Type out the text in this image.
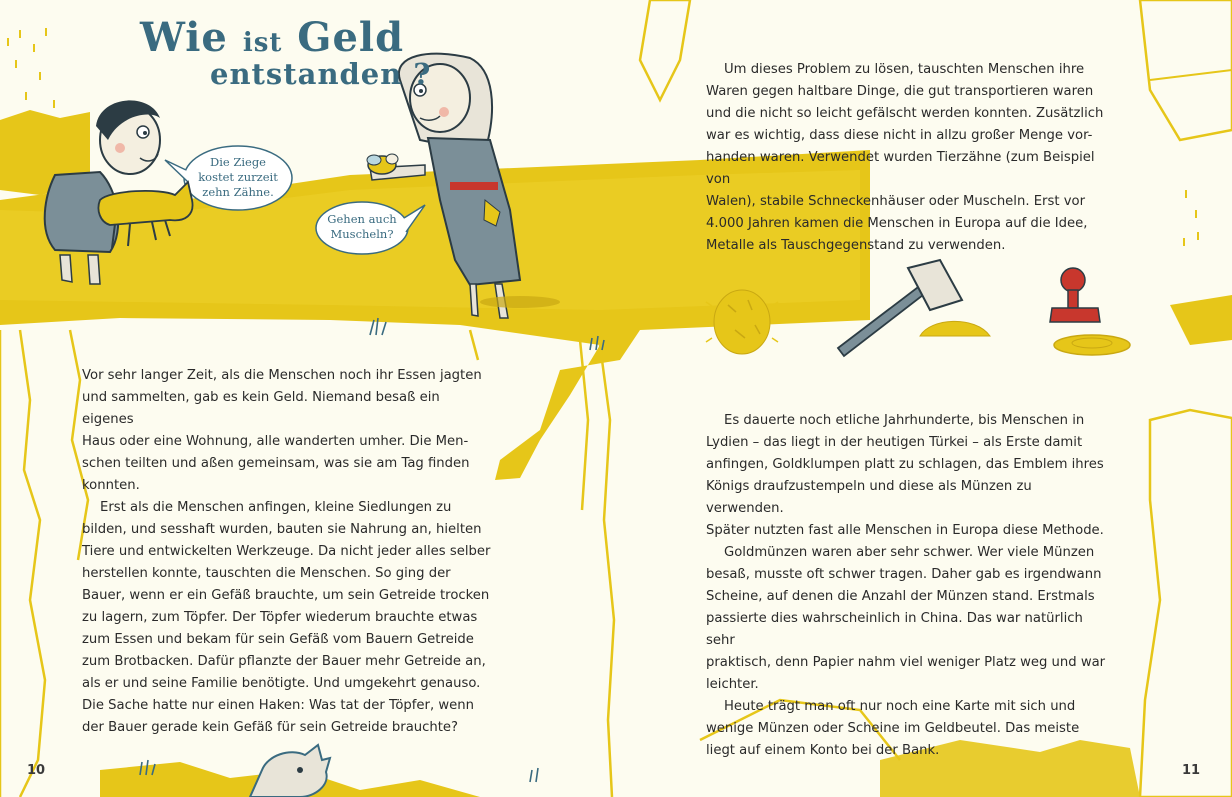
Wie ist Geld
entstanden ?
Die Ziege
kostet zurzeit
zehn Zähne.
Gehen auch
Muscheln?

Vor sehr langer Zeit, als die Menschen noch ihr Essen jagten
und sammelten, gab es kein Geld. Niemand besaß ein eigenes
Haus oder eine Wohnung, alle wanderten umher. Die Men-
schen teilten und aßen gemeinsam, was sie am Tag finden
konnten.

Erst als die Menschen anfingen, kleine Siedlungen zu
bilden, und sesshaft wurden, bauten sie Nahrung an, hielten
Tiere und entwickelten Werkzeuge. Da nicht jeder alles selber
herstellen konnte, tauschten die Menschen. So ging der
Bauer, wenn er ein Gefäß brauchte, um sein Getreide trocken
zu lagern, zum Töpfer. Der Töpfer wiederum brauchte etwas
zum Essen und bekam für sein Gefäß vom Bauern Getreide
zum Brotbacken. Dafür pflanzte der Bauer mehr Getreide an,
als er und seine Familie benötigte. Und umgekehrt genauso.
Die Sache hatte nur einen Haken: Was tat der Töpfer, wenn
der Bauer gerade kein Gefäß für sein Getreide brauchte?

Um dieses Problem zu lösen, tauschten Menschen ihre
Waren gegen haltbare Dinge, die gut transportieren waren
und die nicht so leicht gefälscht werden konnten. Zusätzlich
war es wichtig, dass diese nicht in allzu großer Menge vor-
handen waren. Verwendet wurden Tierzähne (zum Beispiel von
Walen), stabile Schneckenhäuser oder Muscheln. Erst vor
4.000 Jahren kamen die Menschen in Europa auf die Idee,
Metalle als Tauschgegenstand zu verwenden.

Es dauerte noch etliche Jahrhunderte, bis Menschen in
Lydien – das liegt in der heutigen Türkei – als Erste damit
anfingen, Goldklumpen platt zu schlagen, das Emblem ihres
Königs draufzustempeln und diese als Münzen zu verwenden.
Später nutzten fast alle Menschen in Europa diese Methode.

Goldmünzen waren aber sehr schwer. Wer viele Münzen
besaß, musste oft schwer tragen. Daher gab es irgendwann
Scheine, auf denen die Anzahl der Münzen stand. Erstmals
passierte dies wahrscheinlich in China. Das war natürlich sehr
praktisch, denn Papier nahm viel weniger Platz weg und war
leichter.

Heute trägt man oft nur noch eine Karte mit sich und
wenige Münzen oder Scheine im Geldbeutel. Das meiste
liegt auf einem Konto bei der Bank.

10	11
